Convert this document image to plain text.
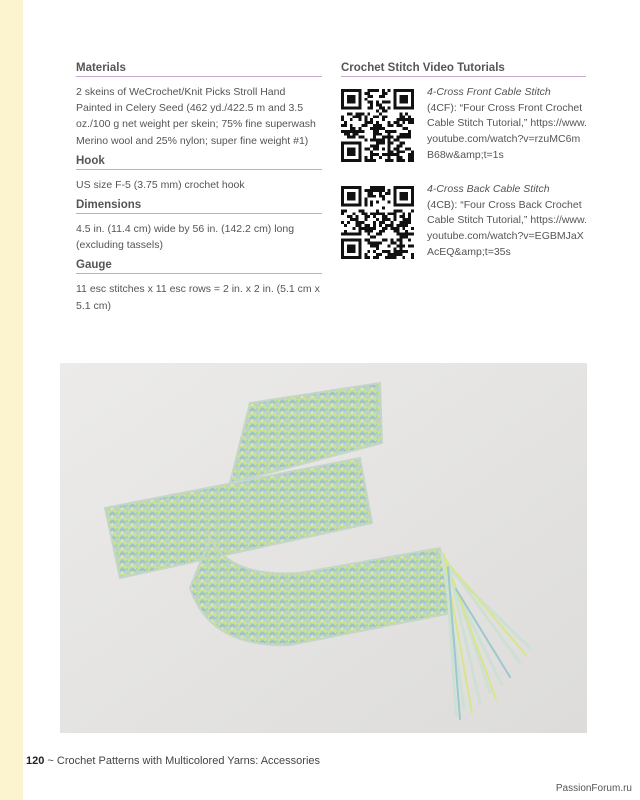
Materials

2 skeins of WeCrochet/Knit Picks Stroll Hand Painted in Celery Seed (462 yd./422.5 m and 3.5 oz./100 g net weight per skein; 75% fine superwash Merino wool and 25% nylon; super fine weight #1)

Hook

US size F-5 (3.75 mm) crochet hook

Dimensions

4.5 in. (11.4 cm) wide by 56 in. (142.2 cm) long (excluding tassels)

Gauge

11 esc stitches x 11 esc rows = 2 in. x 2 in. (5.1 cm x 5.1 cm)

Crochet Stitch Video Tutorials
4-Cross Front Cable Stitch
(4CF): “Four Cross Front Crochet Cable Stitch Tutorial,” https://www.youtube.com/watch?v=rzuMC6mB68w&amp;t=1s
4-Cross Back Cable Stitch
(4CB): “Four Cross Back Crochet Cable Stitch Tutorial,” https://www.youtube.com/watch?v=EGBMJaXAcEQ&amp;t=35s
120 ~ Crochet Patterns with Multicolored Yarns: Accessories
PassionForum.ru
